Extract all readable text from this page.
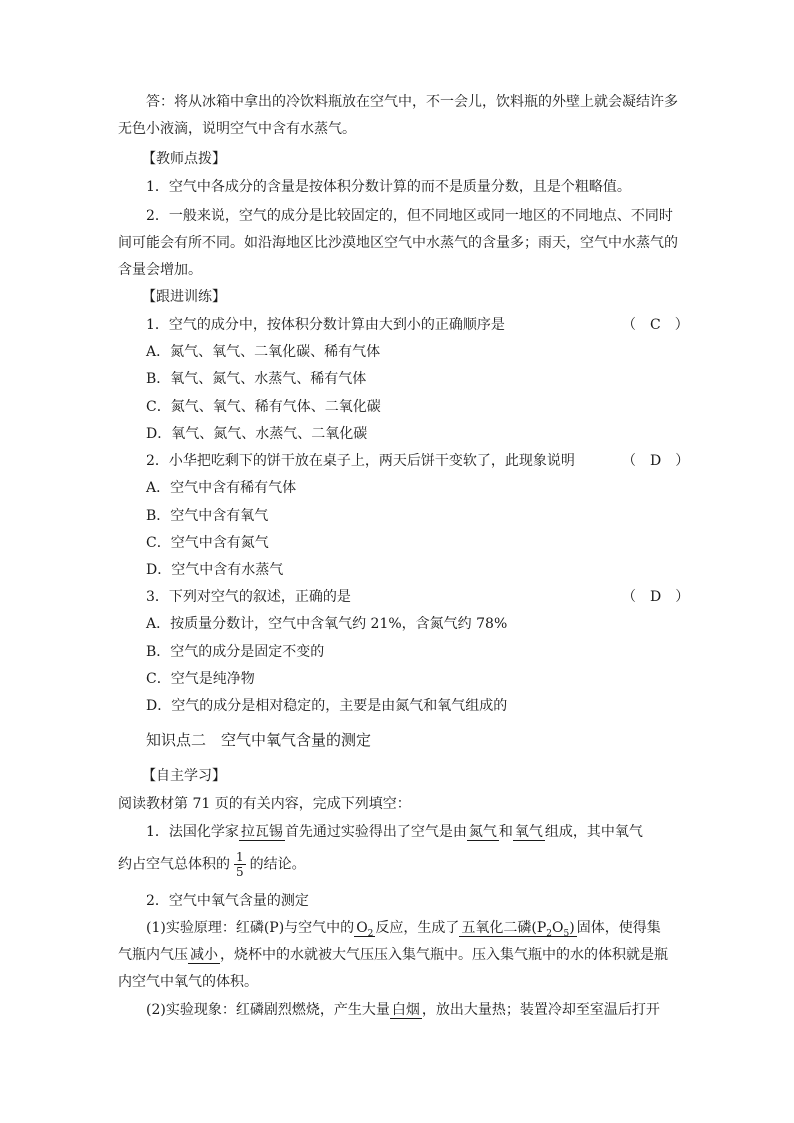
答：将从冰箱中拿出的冷饮料瓶放在空气中，不一会儿，饮料瓶的外壁上就会凝结许多
无色小液滴，说明空气中含有水蒸气。
【教师点拨】
1．空气中各成分的含量是按体积分数计算的而不是质量分数，且是个粗略值。
2．一般来说，空气的成分是比较固定的，但不同地区或同一地区的不同地点、不同时
间可能会有所不同。如沿海地区比沙漠地区空气中水蒸气的含量多；雨天，空气中水蒸气的
含量会增加。
【跟进训练】
1．空气的成分中，按体积分数计算由大到小的正确顺序是	（　C　）
A．氮气、氧气、二氧化碳、稀有气体
B．氧气、氮气、水蒸气、稀有气体
C．氮气、氧气、稀有气体、二氧化碳
D．氧气、氮气、水蒸气、二氧化碳
2．小华把吃剩下的饼干放在桌子上，两天后饼干变软了，此现象说明	（　D　）
A．空气中含有稀有气体
B．空气中含有氧气
C．空气中含有氮气
D．空气中含有水蒸气
3．下列对空气的叙述，正确的是	（　D　）
A．按质量分数计，空气中含氧气约 21%，含氮气约 78%
B．空气的成分是固定不变的
C．空气是纯净物
D．空气的成分是相对稳定的，主要是由氮气和氧气组成的
知识点二　空气中氧气含量的测定
【自主学习】
阅读教材第 71 页的有关内容，完成下列填空：
1．法国化学家 拉瓦锡 首先通过实验得出了空气是由 氮气 和 氧气 组成，其中氧气
约占空气总体积的 $\frac{1}{5}$ 的结论。
2．空气中氧气含量的测定
(1)实验原理：红磷(P)与空气中的 $O_2$ 反应，生成了 五氧化二磷$(P_2O_5)$ 固体，使得集
气瓶内气压 减小 ，烧杯中的水就被大气压压入集气瓶中。压入集气瓶中的水的体积就是瓶
内空气中氧气的体积。
(2)实验现象：红磷剧烈燃烧，产生大量 白烟 ，放出大量热；装置冷却至室温后打开
